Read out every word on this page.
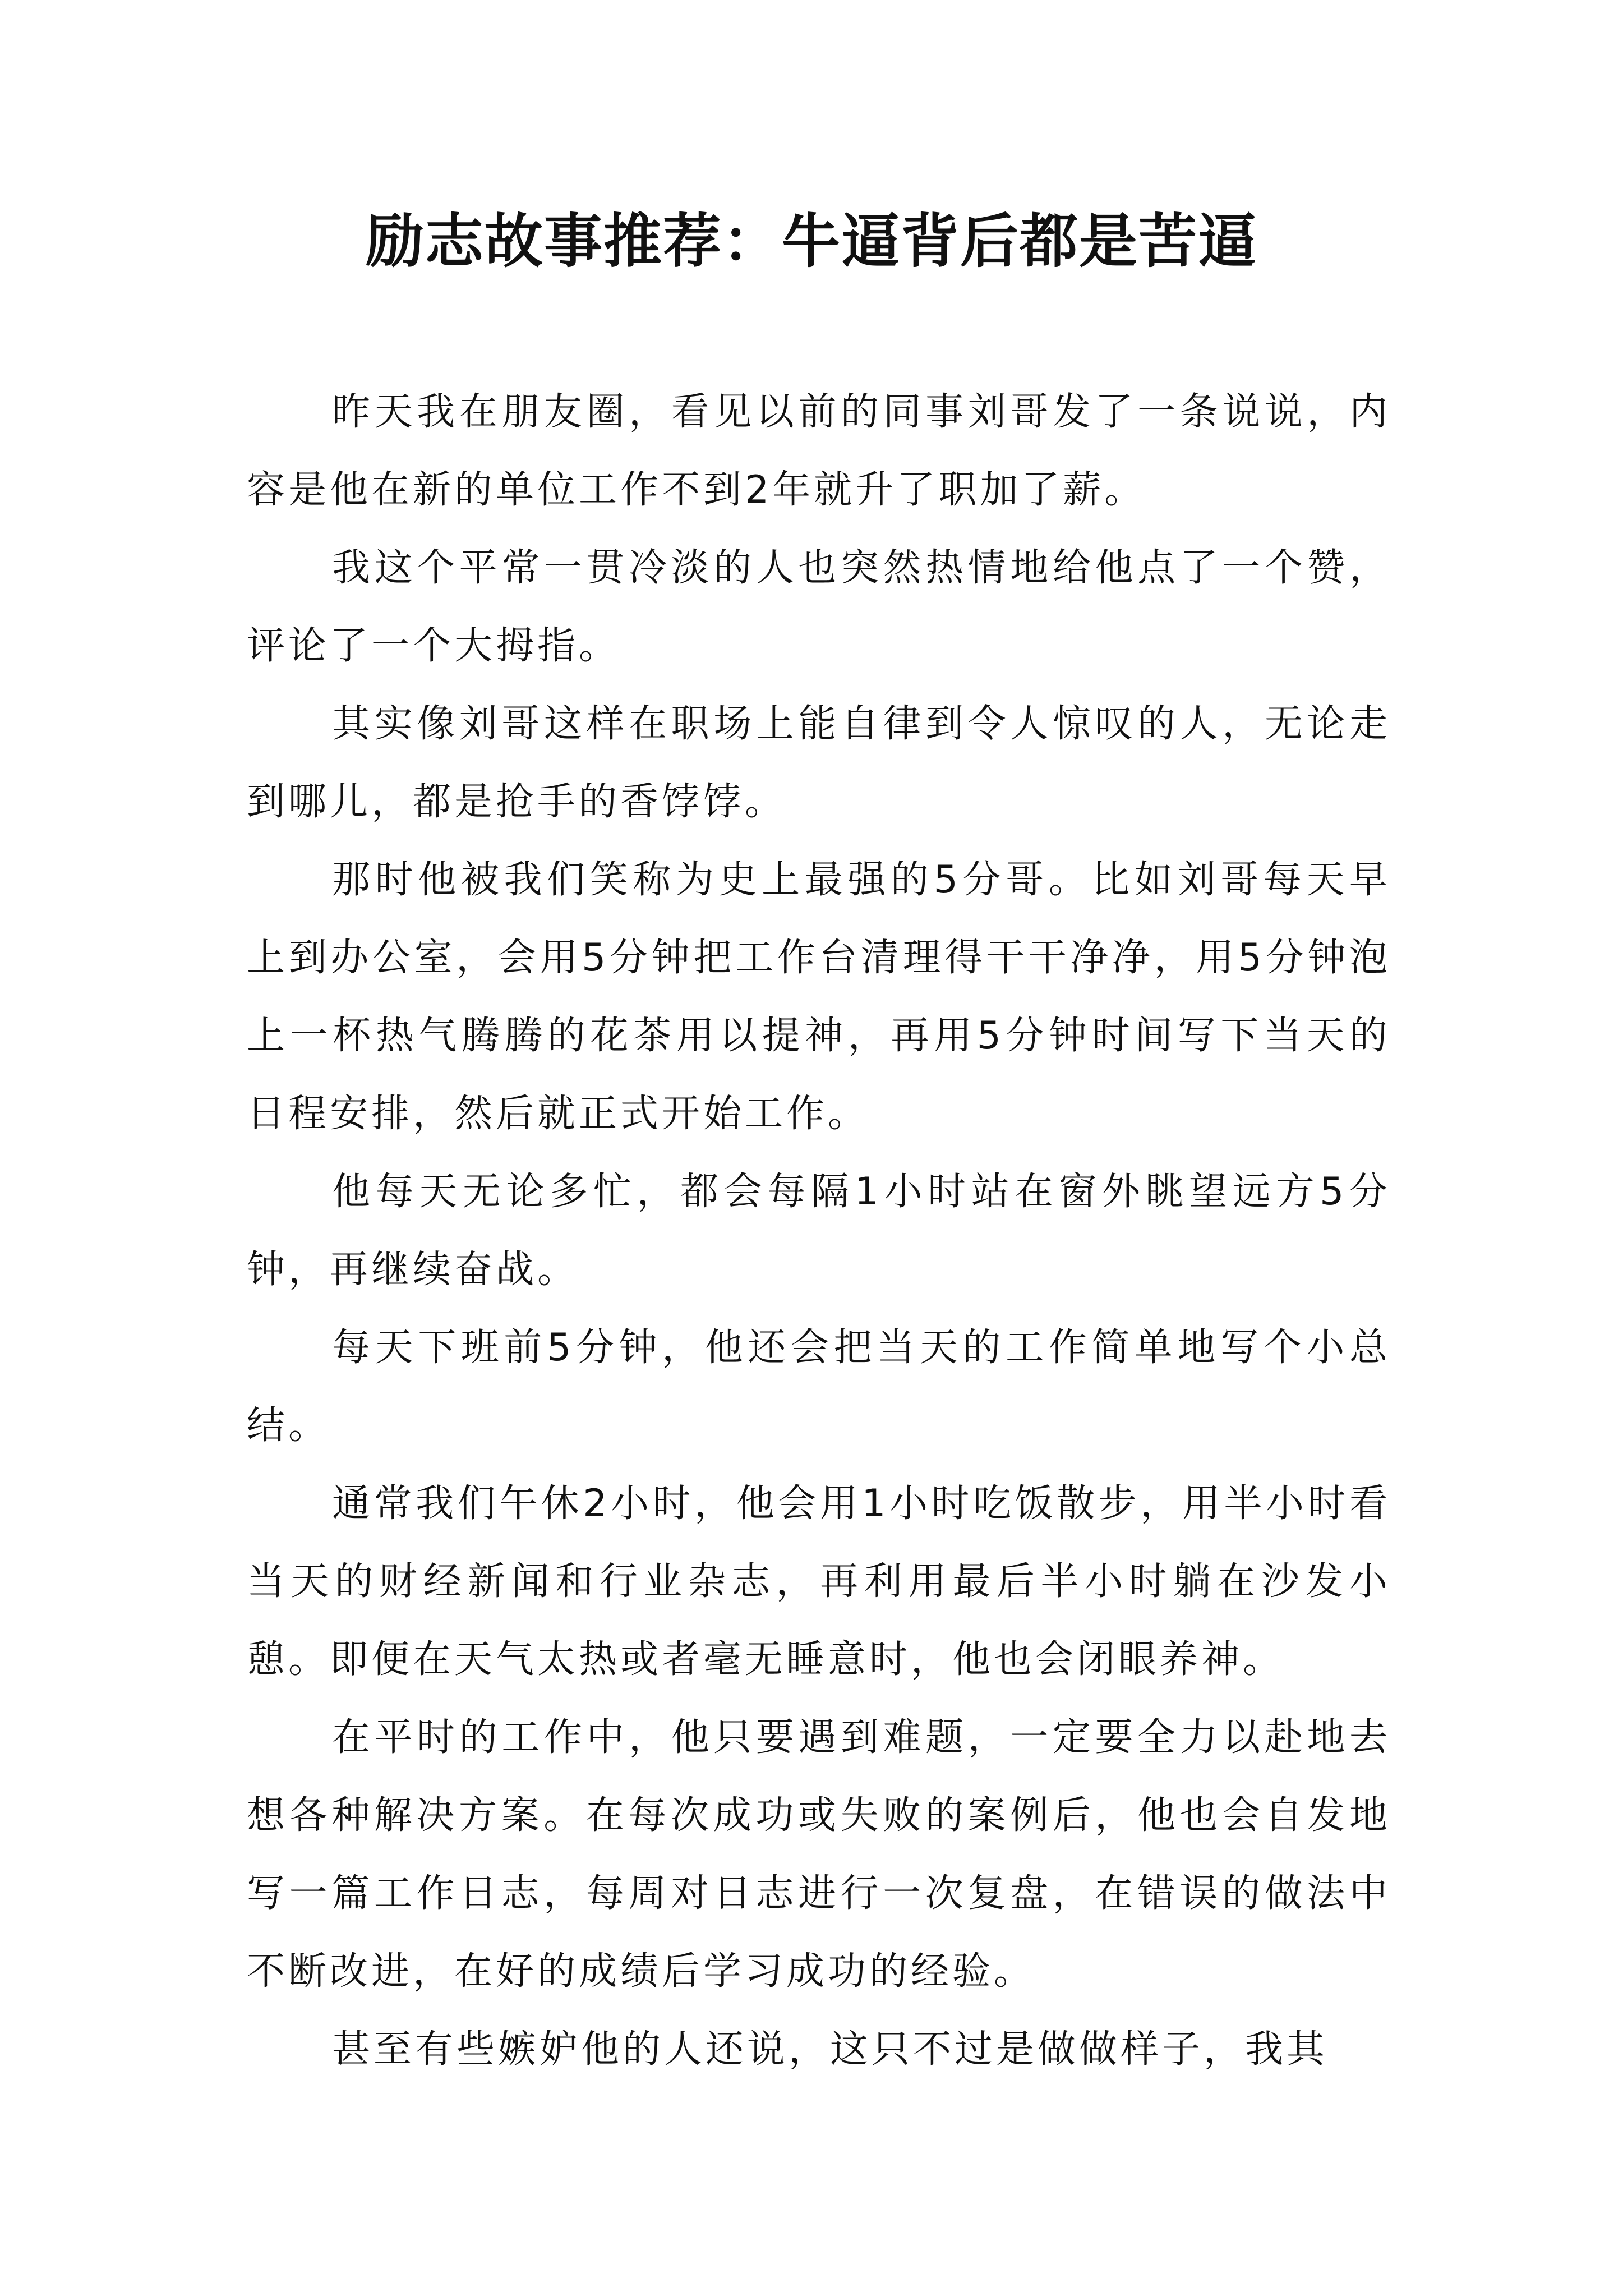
励志故事推荐：牛逼背后都是苦逼

昨天我在朋友圈，看见以前的同事刘哥发了一条说说，内容是他在新的单位工作不到2年就升了职加了薪。

我这个平常一贯冷淡的人也突然热情地给他点了一个赞，评论了一个大拇指。

其实像刘哥这样在职场上能自律到令人惊叹的人，无论走到哪儿，都是抢手的香饽饽。

那时他被我们笑称为史上最强的5分哥。比如刘哥每天早上到办公室，会用5分钟把工作台清理得干干净净，用5分钟泡上一杯热气腾腾的花茶用以提神，再用5分钟时间写下当天的日程安排，然后就正式开始工作。

他每天无论多忙，都会每隔1小时站在窗外眺望远方5分钟，再继续奋战。

每天下班前5分钟，他还会把当天的工作简单地写个小总结。

通常我们午休2小时，他会用1小时吃饭散步，用半小时看当天的财经新闻和行业杂志，再利用最后半小时躺在沙发小憩。即便在天气太热或者毫无睡意时，他也会闭眼养神。

在平时的工作中，他只要遇到难题，一定要全力以赴地去想各种解决方案。在每次成功或失败的案例后，他也会自发地写一篇工作日志，每周对日志进行一次复盘，在错误的做法中不断改进，在好的成绩后学习成功的经验。

甚至有些嫉妒他的人还说，这只不过是做做样子，我其
